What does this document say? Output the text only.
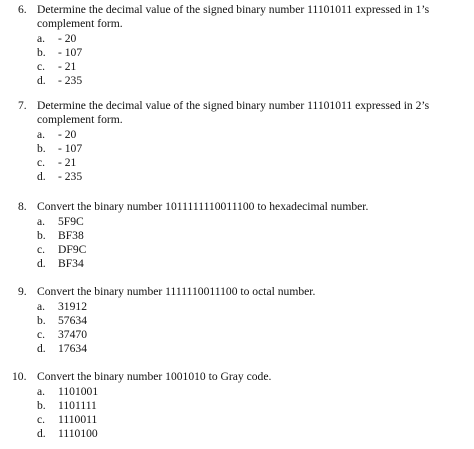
6. Determine the decimal value of the signed binary number 11101011 expressed in 1’s
complement form.
a.	- 20
b.	- 107
c.	- 21
d.	- 235
7. Determine the decimal value of the signed binary number 11101011 expressed in 2’s
complement form.
a.	- 20
b.	- 107
c.	- 21
d.	- 235
8. Convert the binary number 1011111110011100 to hexadecimal number.
a.	5F9C
b.	BF38
c.	DF9C
d.	BF34
9. Convert the binary number 1111110011100 to octal number.
a.	31912
b.	57634
c.	37470
d.	17634
10. Convert the binary number 1001010 to Gray code.
a.	1101001
b.	1101111
c.	1110011
d.	1110100
